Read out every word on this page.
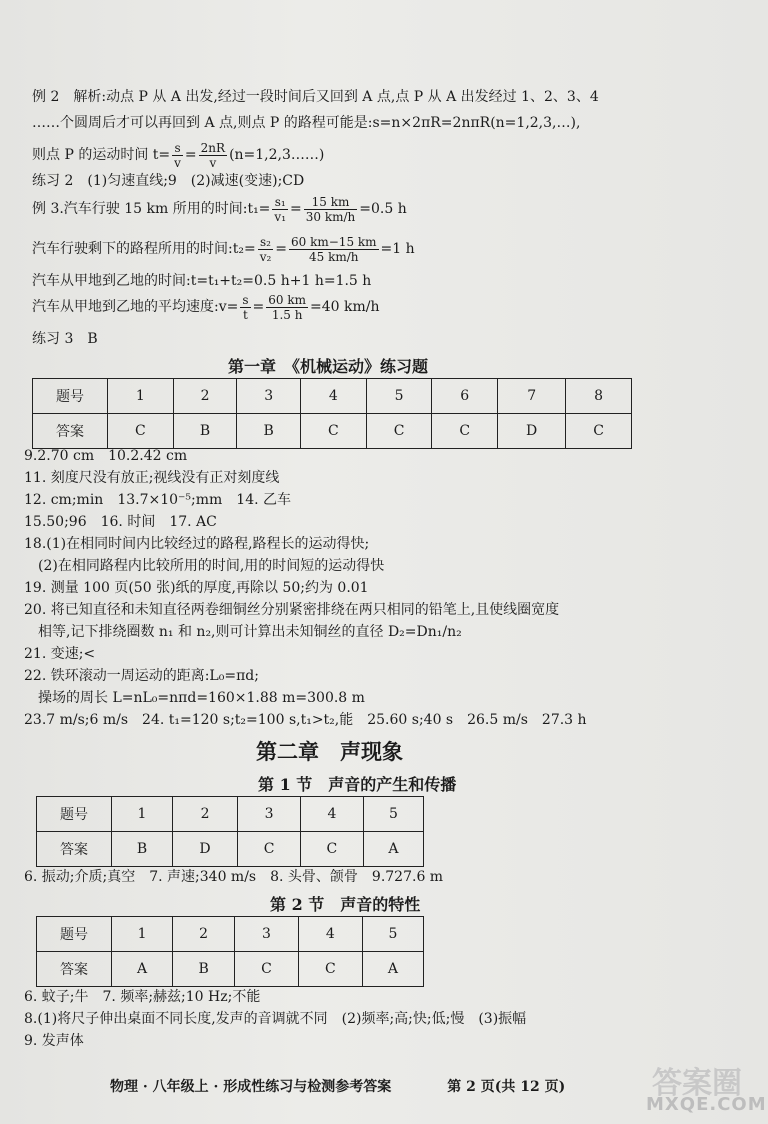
例 2　解析:动点 P 从 A 出发,经过一段时间后又回到 A 点,点 P 从 A 出发经过 1、2、3、4
……个圆周后才可以再回到 A 点,则点 P 的路程可能是:s=n×2πR=2nπR(n=1,2,3,…),
则点 P 的运动时间 $t= \frac{s}{v} = \frac{2nR}{v}$ (n=1,2,3……)
练习 2　(1)匀速直线;9　(2)减速(变速);CD
例 3.汽车行驶 15 km 所用的时间:t₁= $\frac{\text{s₁}}{\text{v₁}} = \frac{15 km}{30 km/h} =0.5$ h
汽车行驶剩下的路程所用的时间:t₂= $\frac{\text{s₂}}{\text{v₂}} = \frac{60 km-15 km}{45 km/h} =1$ h
汽车从甲地到乙地的时间:t=t₁+t₂=0.5 h+1 h=1.5 h
汽车从甲地到乙地的平均速度:v= $\frac{s}{t} = \frac{60 km}{1.5 h} =40$ km/h
练习 3　B
第一章　《机械运动》练习题
题号	1	2	3	4	5	6	7	8
答案	C	B	B	C	C	C	D	C
9.2.70 cm　10.2.42 cm
11. 刻度尺没有放正;视线没有正对刻度线
12. cm;min　13.7×10⁻⁵;mm　14. 乙车
15.50;96　16. 时间　17. AC
18.(1)在相同时间内比较经过的路程,路程长的运动得快;
　(2)在相同路程内比较所用的时间,用的时间短的运动得快
19. 测量 100 页(50 张)纸的厚度,再除以 50;约为 0.01
20. 将已知直径和未知直径两卷细铜丝分别紧密排绕在两只相同的铅笔上,且使线圈宽度
　相等,记下排绕圈数 n₁ 和 n₂,则可计算出未知铜丝的直径 D₂=Dn₁/n₂
21. 变速;<
22. 铁环滚动一周运动的距离:L₀=πd;
　操场的周长 L=nL₀=nπd=160×1.88 m=300.8 m
23.7 m/s;6 m/s　24. t₁=120 s;t₂=100 s,t₁>t₂,能　25.60 s;40 s　26.5 m/s　27.3 h
第二章　声现象
第 1 节　声音的产生和传播
题号	1	2	3	4	5
答案	B	D	C	C	A
6. 振动;介质;真空　7. 声速;340 m/s　8. 头骨、颌骨　9.727.6 m
第 2 节　声音的特性
题号	1	2	3	4	5
答案	A	B	C	C	A
6. 蚊子;牛　7. 频率;赫兹;10 Hz;不能
8.(1)将尺子伸出桌面不同长度,发声的音调就不同　(2)频率;高;快;低;慢　(3)振幅
9. 发声体
物理 · 八年级上 · 形成性练习与检测参考答案　　　　第 2 页(共 12 页)	答案圈
MXQE.COM
